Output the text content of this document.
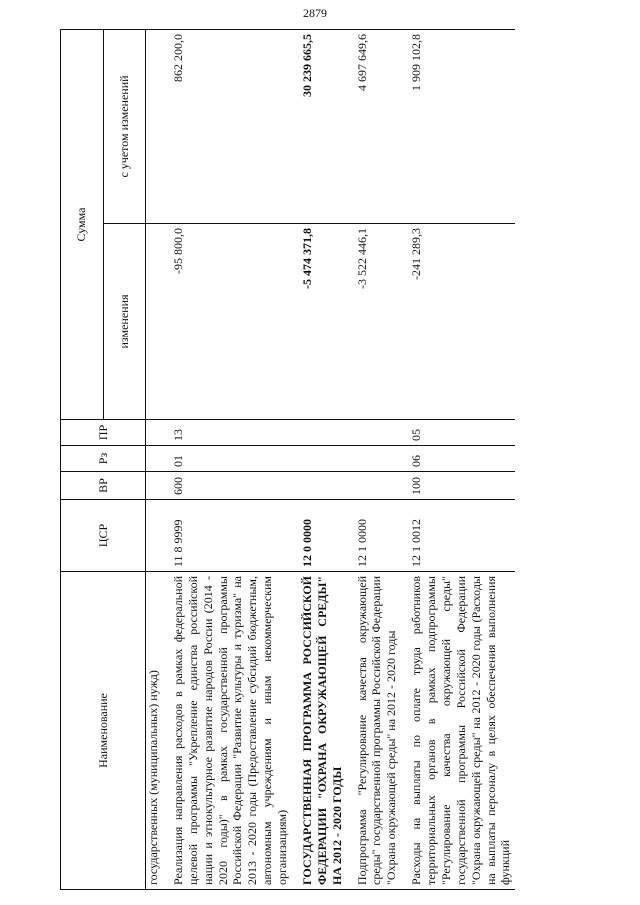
2879
Наименование	ЦСР	ВР	Рз	ПР	Сумма	
					изменения	с учетом изменений
государственных (муниципальных) нужд)						
Реализация направления расходов в рамках федеральной целевой программы "Укрепление единства российской нации и этнокультурное развитие народов России (2014 - 2020 годы)" в рамках государственной программы Российской Федерации "Развитие культуры и туризма" на 2013 - 2020 годы (Предоставление субсидий бюджетным, автономным учреждениям и иным некоммерческим организациям)	11 8 9999	600	01	13	-95 800,0	862 200,0
ГОСУДАРСТВЕННАЯ ПРОГРАММА РОССИЙСКОЙ ФЕДЕРАЦИИ "ОХРАНА ОКРУЖАЮЩЕЙ СРЕДЫ" НА 2012 - 2020 ГОДЫ	12 0 0000				-5 474 371,8	30 239 665,5
Подпрограмма "Регулирование качества окружающей среды" государственной программы Российской Федерации "Охрана окружающей среды" на 2012 - 2020 годы	12 1 0000				-3 522 446,1	4 697 649,6
Расходы на выплаты по оплате труда работников территориальных органов в рамках подпрограммы "Регулирование качества окружающей среды" государственной программы Российской Федерации "Охрана окружающей среды" на 2012 - 2020 годы (Расходы на выплаты персоналу в целях обеспечения выполнения функций	12 1 0012	100	06	05	-241 289,3	1 909 102,8
